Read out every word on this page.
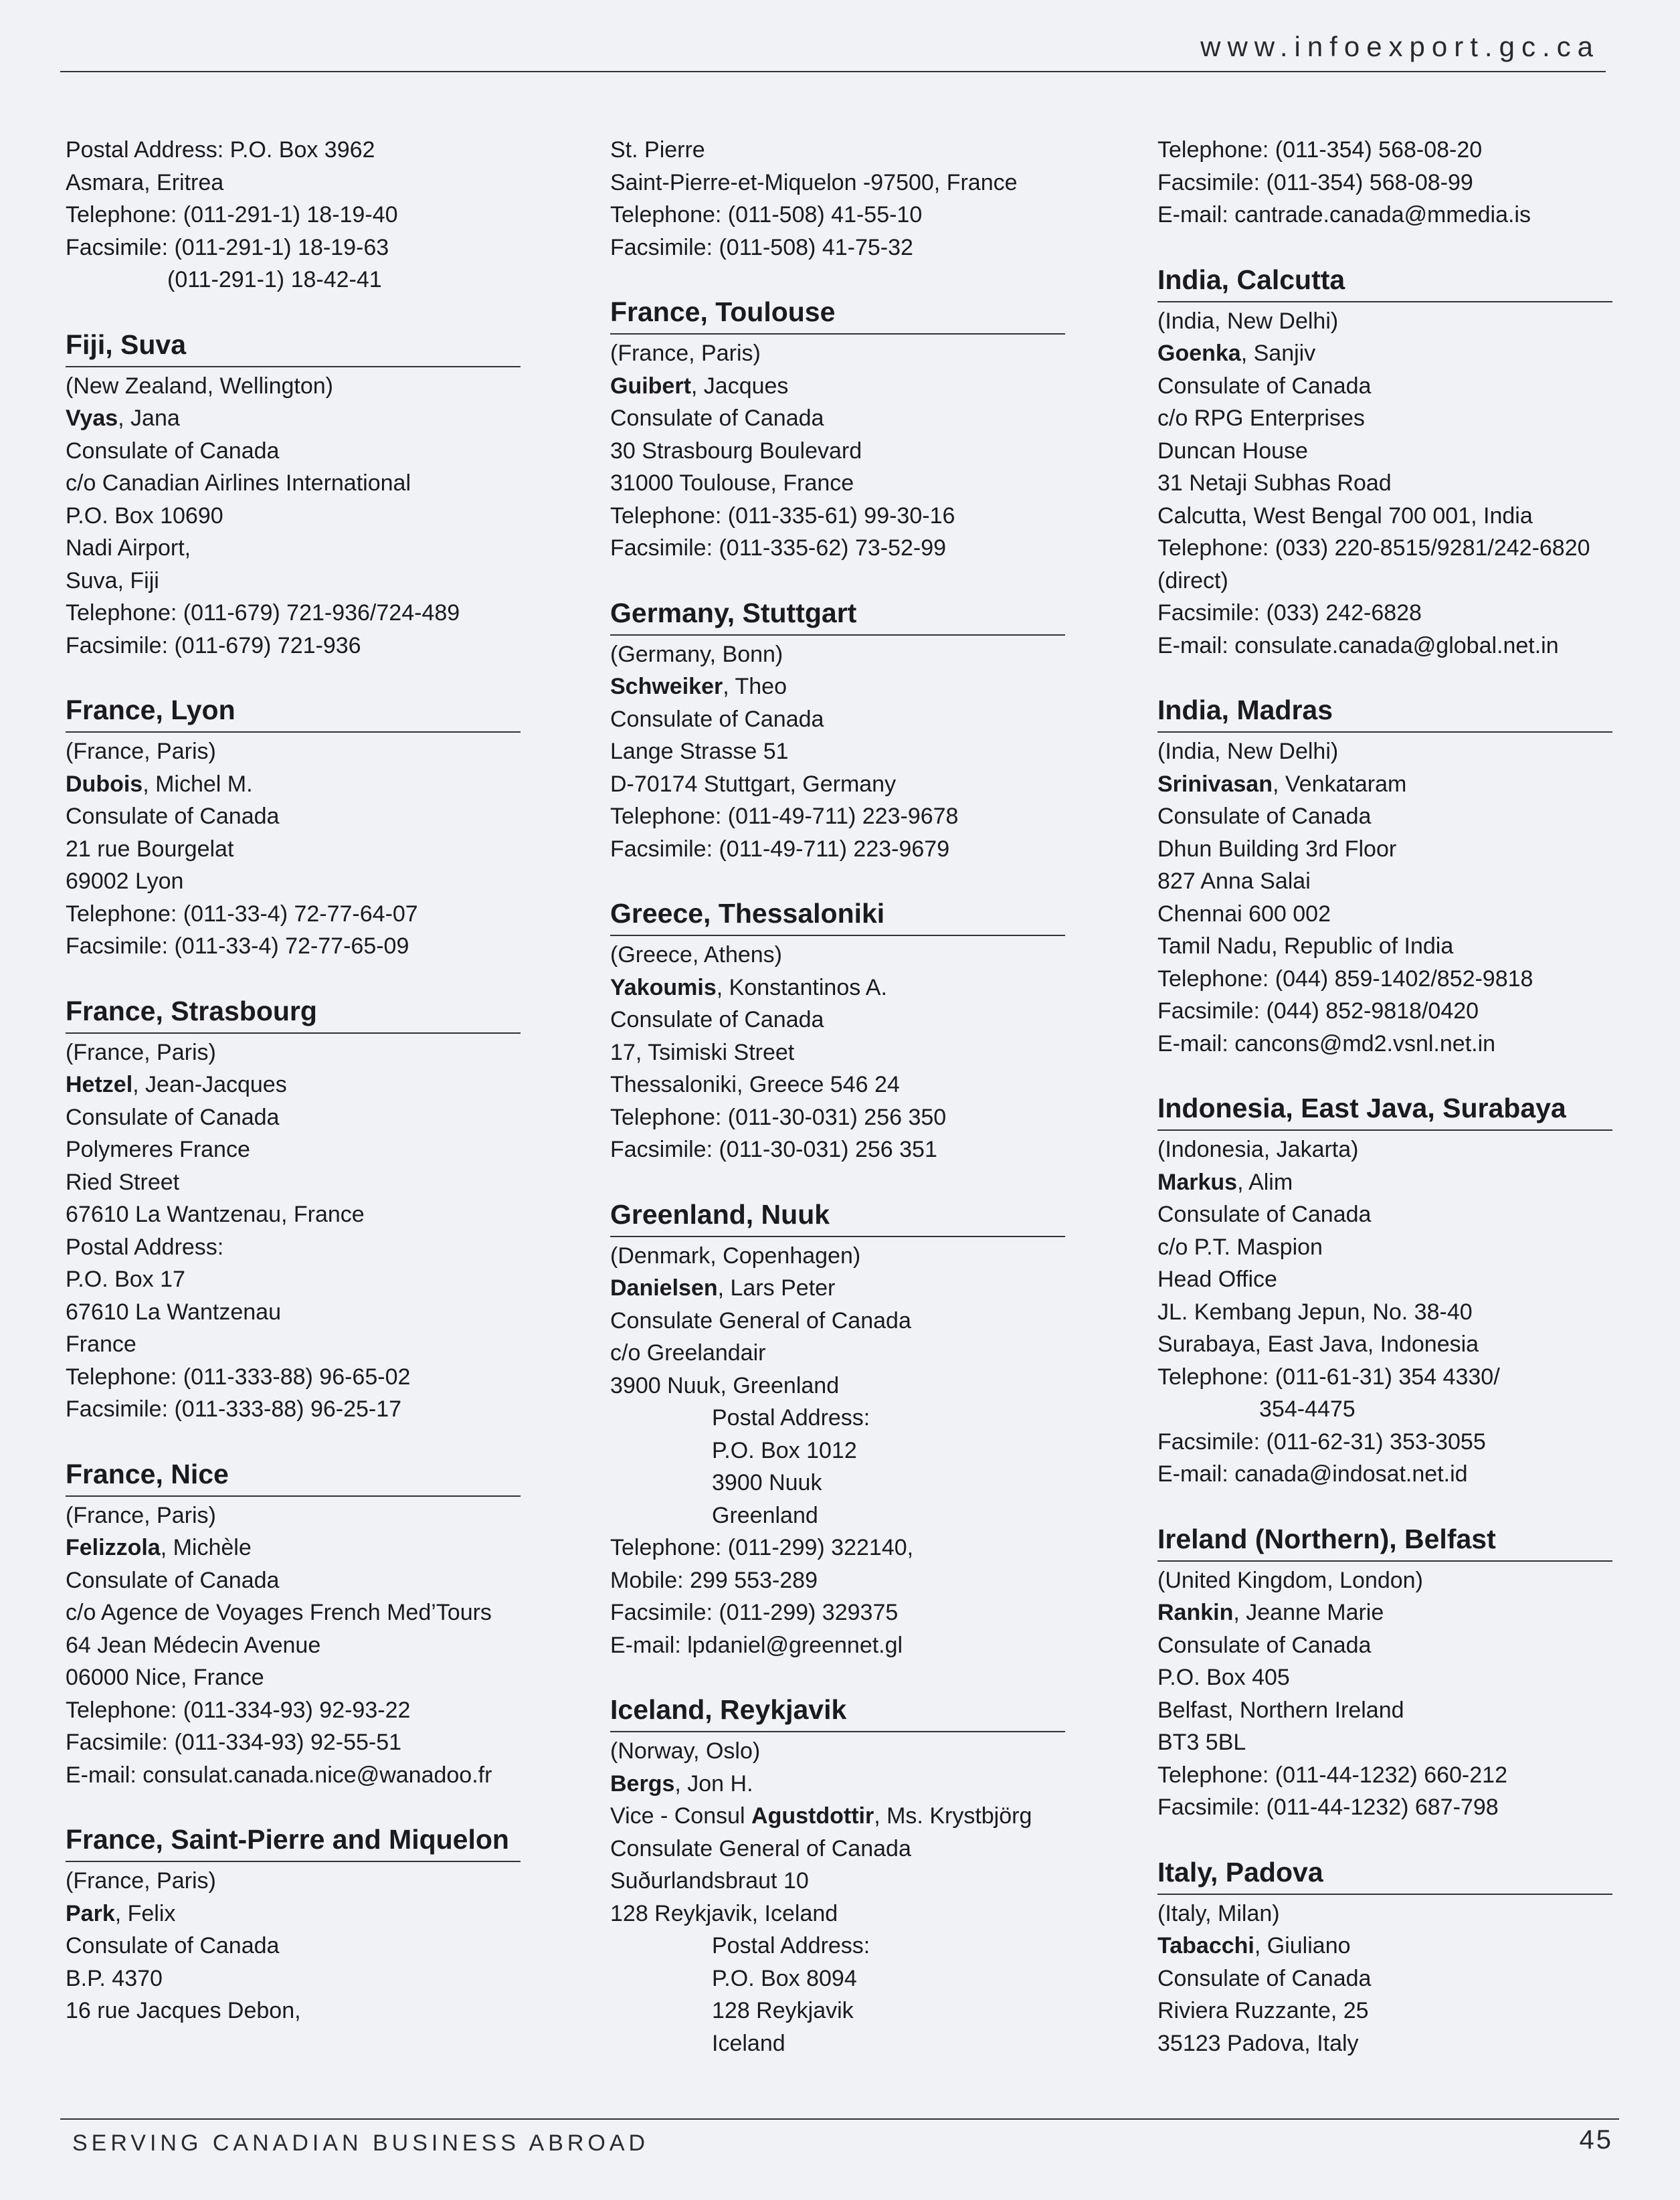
www.infoexport.gc.ca
Postal Address: P.O. Box 3962
Asmara, Eritrea
Telephone: (011-291-1) 18-19-40
Facsimile: (011-291-1) 18-19-63
(011-291-1) 18-42-41
Fiji, Suva
(New Zealand, Wellington)
Vyas, Jana
Consulate of Canada
c/o Canadian Airlines International
P.O. Box 10690
Nadi Airport,
Suva, Fiji
Telephone: (011-679) 721-936/724-489
Facsimile: (011-679) 721-936
France, Lyon
(France, Paris)
Dubois, Michel M.
Consulate of Canada
21 rue Bourgelat
69002 Lyon
Telephone: (011-33-4) 72-77-64-07
Facsimile: (011-33-4) 72-77-65-09
France, Strasbourg
(France, Paris)
Hetzel, Jean-Jacques
Consulate of Canada
Polymeres France
Ried Street
67610 La Wantzenau, France
Postal Address:
P.O. Box 17
67610 La Wantzenau
France
Telephone: (011-333-88) 96-65-02
Facsimile: (011-333-88) 96-25-17
France, Nice
(France, Paris)
Felizzola, Michèle
Consulate of Canada
c/o Agence de Voyages French Med’Tours
64 Jean Médecin Avenue
06000 Nice, France
Telephone: (011-334-93) 92-93-22
Facsimile: (011-334-93) 92-55-51
E-mail: consulat.canada.nice@wanadoo.fr
France, Saint-Pierre and Miquelon
(France, Paris)
Park, Felix
Consulate of Canada
B.P. 4370
16 rue Jacques Debon,
St. Pierre
Saint-Pierre-et-Miquelon -97500, France
Telephone: (011-508) 41-55-10
Facsimile: (011-508) 41-75-32
France, Toulouse
(France, Paris)
Guibert, Jacques
Consulate of Canada
30 Strasbourg Boulevard
31000 Toulouse, France
Telephone: (011-335-61) 99-30-16
Facsimile: (011-335-62) 73-52-99
Germany, Stuttgart
(Germany, Bonn)
Schweiker, Theo
Consulate of Canada
Lange Strasse 51
D-70174 Stuttgart, Germany
Telephone: (011-49-711) 223-9678
Facsimile: (011-49-711) 223-9679
Greece, Thessaloniki
(Greece, Athens)
Yakoumis, Konstantinos A.
Consulate of Canada
17, Tsimiski Street
Thessaloniki, Greece 546 24
Telephone: (011-30-031) 256 350
Facsimile: (011-30-031) 256 351
Greenland, Nuuk
(Denmark, Copenhagen)
Danielsen, Lars Peter
Consulate General of Canada
c/o Greelandair
3900 Nuuk, Greenland
Postal Address:
P.O. Box 1012
3900 Nuuk
Greenland
Telephone: (011-299) 322140,
Mobile: 299 553-289
Facsimile: (011-299) 329375
E-mail: lpdaniel@greennet.gl
Iceland, Reykjavik
(Norway, Oslo)
Bergs, Jon H.
Vice - Consul Agustdottir, Ms. Krystbjörg
Consulate General of Canada
Suðurlandsbraut 10
128 Reykjavik, Iceland
Postal Address:
P.O. Box 8094
128 Reykjavik
Iceland
Telephone: (011-354) 568-08-20
Facsimile: (011-354) 568-08-99
E-mail: cantrade.canada@mmedia.is
India, Calcutta
(India, New Delhi)
Goenka, Sanjiv
Consulate of Canada
c/o RPG Enterprises
Duncan House
31 Netaji Subhas Road
Calcutta, West Bengal 700 001, India
Telephone: (033) 220-8515/9281/242-6820
(direct)
Facsimile: (033) 242-6828
E-mail: consulate.canada@global.net.in
India, Madras
(India, New Delhi)
Srinivasan, Venkataram
Consulate of Canada
Dhun Building 3rd Floor
827 Anna Salai
Chennai 600 002
Tamil Nadu, Republic of India
Telephone: (044) 859-1402/852-9818
Facsimile: (044) 852-9818/0420
E-mail: cancons@md2.vsnl.net.in
Indonesia, East Java, Surabaya
(Indonesia, Jakarta)
Markus, Alim
Consulate of Canada
c/o P.T. Maspion
Head Office
JL. Kembang Jepun, No. 38-40
Surabaya, East Java, Indonesia
Telephone: (011-61-31) 354 4330/
354-4475
Facsimile: (011-62-31) 353-3055
E-mail: canada@indosat.net.id
Ireland (Northern), Belfast
(United Kingdom, London)
Rankin, Jeanne Marie
Consulate of Canada
P.O. Box 405
Belfast, Northern Ireland
BT3 5BL
Telephone: (011-44-1232) 660-212
Facsimile: (011-44-1232) 687-798
Italy, Padova
(Italy, Milan)
Tabacchi, Giuliano
Consulate of Canada
Riviera Ruzzante, 25
35123 Padova, Italy
SERVING CANADIAN BUSINESS ABROAD	45
